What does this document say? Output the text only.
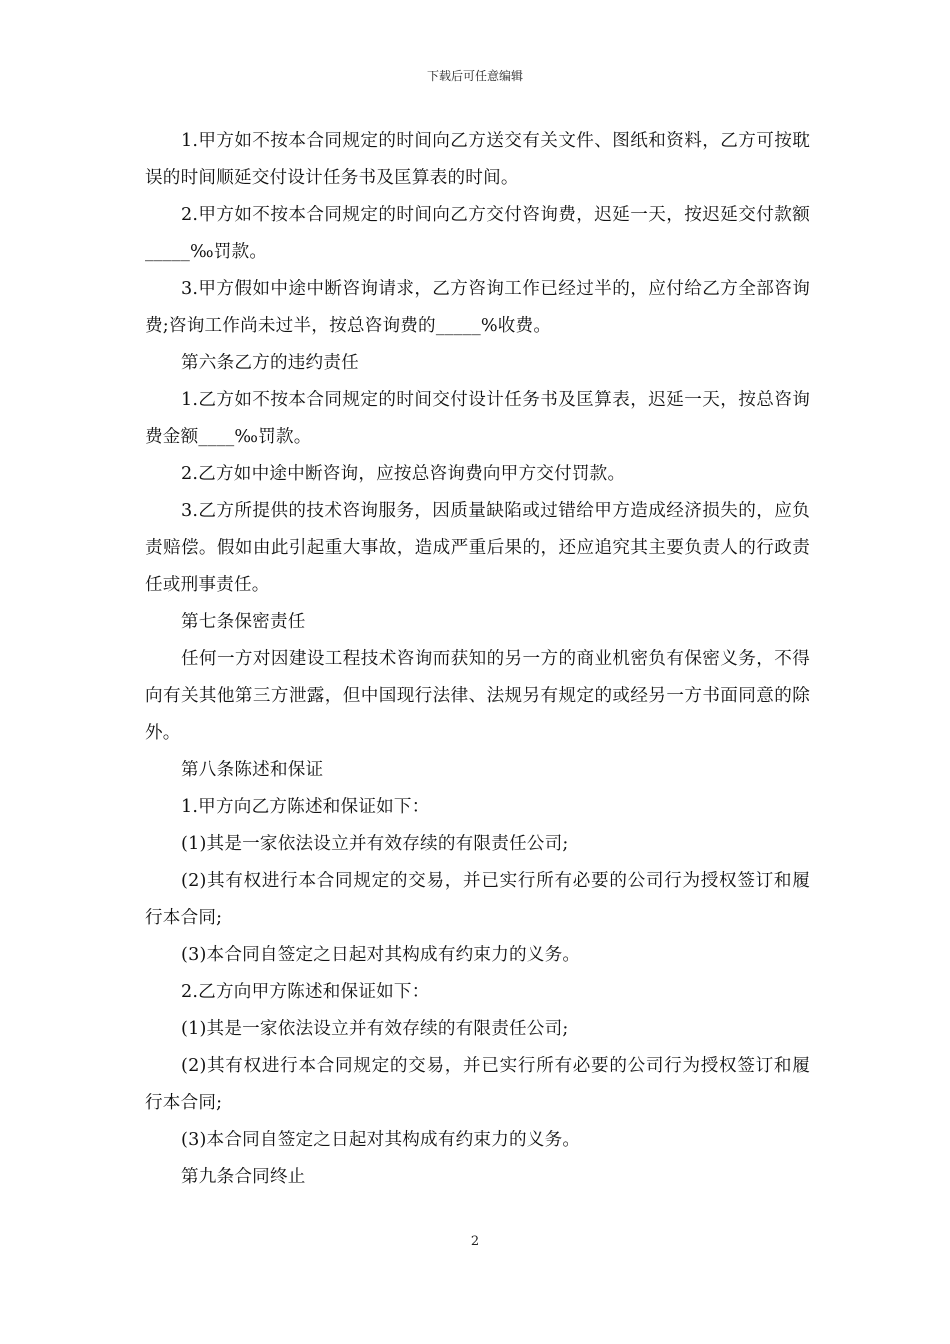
下载后可任意编辑

1.甲方如不按本合同规定的时间向乙方送交有关文件、图纸和资料，乙方可按耽误的时间顺延交付设计任务书及匡算表的时间。

2.甲方如不按本合同规定的时间向乙方交付咨询费，迟延一天，按迟延交付款额_____‰罚款。

3.甲方假如中途中断咨询请求，乙方咨询工作已经过半的，应付给乙方全部咨询费;咨询工作尚未过半，按总咨询费的_____%收费。

第六条乙方的违约责任

1.乙方如不按本合同规定的时间交付设计任务书及匡算表，迟延一天，按总咨询费金额____‰罚款。

2.乙方如中途中断咨询，应按总咨询费向甲方交付罚款。

3.乙方所提供的技术咨询服务，因质量缺陷或过错给甲方造成经济损失的，应负责赔偿。假如由此引起重大事故，造成严重后果的，还应追究其主要负责人的行政责任或刑事责任。

第七条保密责任

任何一方对因建设工程技术咨询而获知的另一方的商业机密负有保密义务，不得向有关其他第三方泄露，但中国现行法律、法规另有规定的或经另一方书面同意的除外。

第八条陈述和保证

1.甲方向乙方陈述和保证如下：

(1)其是一家依法设立并有效存续的有限责任公司;

(2)其有权进行本合同规定的交易，并已实行所有必要的公司行为授权签订和履行本合同;

(3)本合同自签定之日起对其构成有约束力的义务。

2.乙方向甲方陈述和保证如下：

(1)其是一家依法设立并有效存续的有限责任公司;

(2)其有权进行本合同规定的交易，并已实行所有必要的公司行为授权签订和履行本合同;

(3)本合同自签定之日起对其构成有约束力的义务。

第九条合同终止

2
